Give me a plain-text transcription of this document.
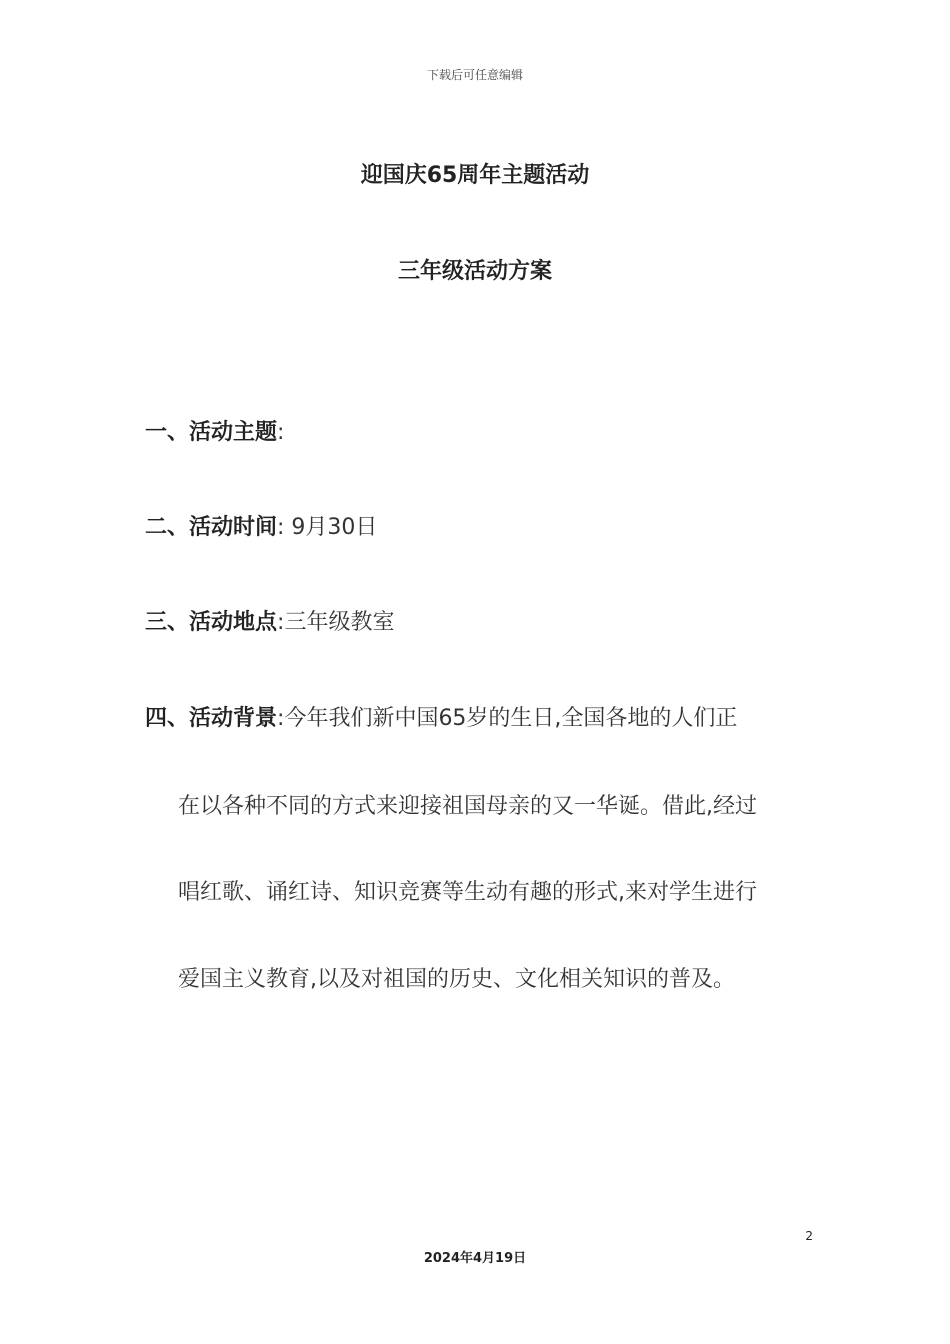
下载后可任意编辑
迎国庆65周年主题活动
三年级活动方案
一、活动主题:
二、活动时间: 9月30日
三、活动地点:三年级教室
四、活动背景:今年我们新中国65岁的生日,全国各地的人们正
在以各种不同的方式来迎接祖国母亲的又一华诞。借此,经过
唱红歌、诵红诗、知识竞赛等生动有趣的形式,来对学生进行
爱国主义教育,以及对祖国的历史、文化相关知识的普及。
2
2024年4月19日
